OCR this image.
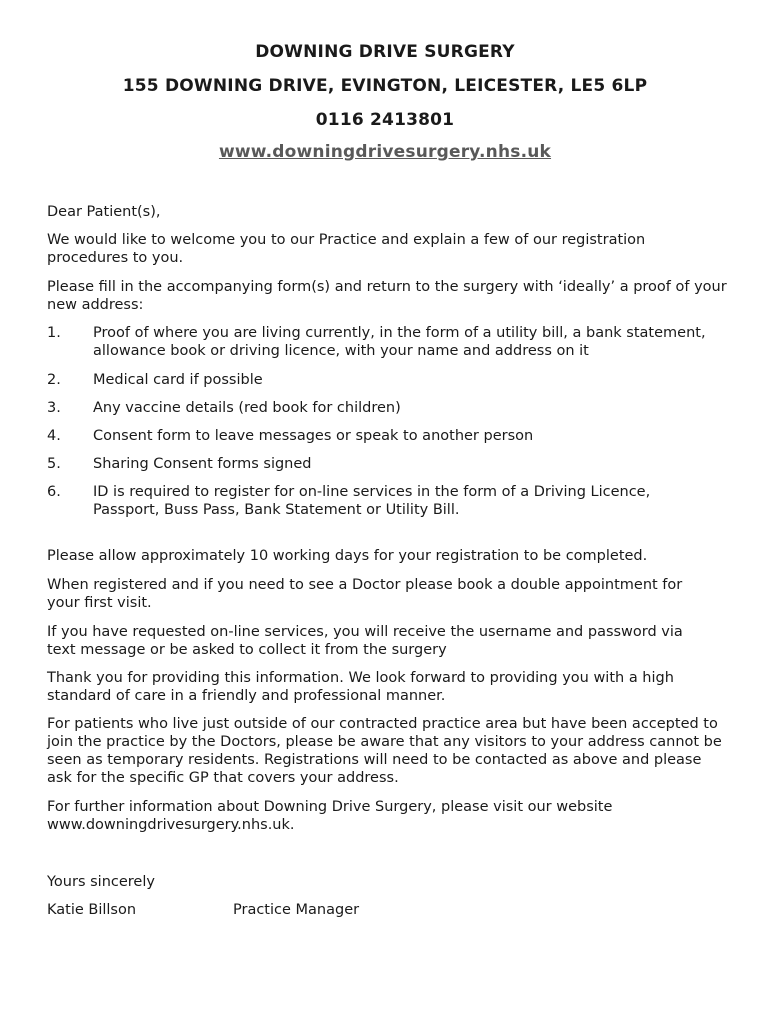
DOWNING DRIVE SURGERY
155 DOWNING DRIVE, EVINGTON, LEICESTER, LE5 6LP
0116 2413801
www.downingdrivesurgery.nhs.uk

Dear Patient(s),

We would like to welcome you to our Practice and explain a few of our registration procedures to you.

Please fill in the accompanying form(s) and return to the surgery with ‘ideally’ a proof of your new address:

1. Proof of where you are living currently, in the form of a utility bill, a bank statement, allowance book or driving licence, with your name and address on it
2. Medical card if possible
3. Any vaccine details (red book for children)
4. Consent form to leave messages or speak to another person
5. Sharing Consent forms signed
6. ID is required to register for on-line services in the form of a Driving Licence, Passport, Buss Pass, Bank Statement or Utility Bill.

Please allow approximately 10 working days for your registration to be completed.

When registered and if you need to see a Doctor please book a double appointment for your first visit.

If you have requested on-line services, you will receive the username and password via text message or be asked to collect it from the surgery

Thank you for providing this information. We look forward to providing you with a high standard of care in a friendly and professional manner.

For patients who live just outside of our contracted practice area but have been accepted to join the practice by the Doctors, please be aware that any visitors to your address cannot be seen as temporary residents. Registrations will need to be contacted as above and please ask for the specific GP that covers your address.

For further information about Downing Drive Surgery, please visit our website www.downingdrivesurgery.nhs.uk.

Yours sincerely

Katie Billson	Practice Manager
